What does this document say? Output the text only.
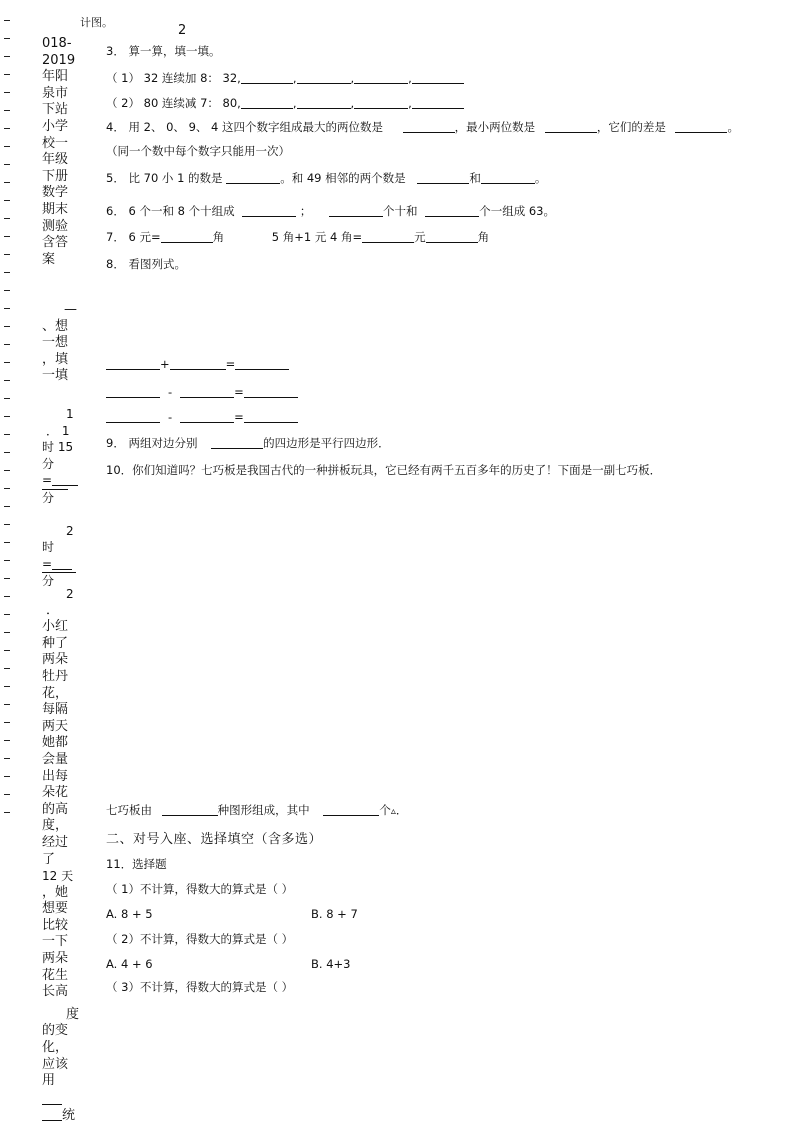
计图。
2
018-
2019
年阳
泉市
下站
小学
校一
年级
下册
数学
期末
测验
含答
案
—
、想
一想
，填
一填
1
． 1
时 15
分
=
分
2
时
=
分
2
．
小红
种了
两朵
牡丹
花，
每隔
两天
她都
会量
出每
朵花
的高
度，
经过
了
12 天
，她
想要
比较
一下
两朵
花生
长高
度
的变
化，
应该
用
统
3． 算一算，填一填。
（ 1） 32 连续加 8： 32,	,	,	,
（ 2） 80 连续减 7： 80,	,	,	,
4． 用 2、 0、 9、 4 这四个数字组成最大的两位数是	，最小两位数是	，它们的差是	。
（同一个数中每个数字只能用一次）
5． 比 70 小 1 的数是	。和 49 相邻的两个数是	和	。
6． 6 个一和 8 个十组成	；	个十和	个一组成 63。
7． 6 元=	角	5 角+1 元 4 角=	元	角
8． 看图列式。
+	=
-	=
-	=
9． 两组对边分别	的四边形是平行四边形．
10．你们知道吗？七巧板是我国古代的一种拼板玩具，它已经有两千五百多年的历史了！下面是一副七巧板．
七巧板由	种图形组成，其中	个▵．
二、对号入座、选择填空（含多选）
11．选择题
（ 1）不计算，得数大的算式是（ ）
A. 8 + 5	B. 8 + 7
（ 2）不计算，得数大的算式是（ ）
A. 4 + 6	B. 4+3
（ 3）不计算，得数大的算式是（ ）
